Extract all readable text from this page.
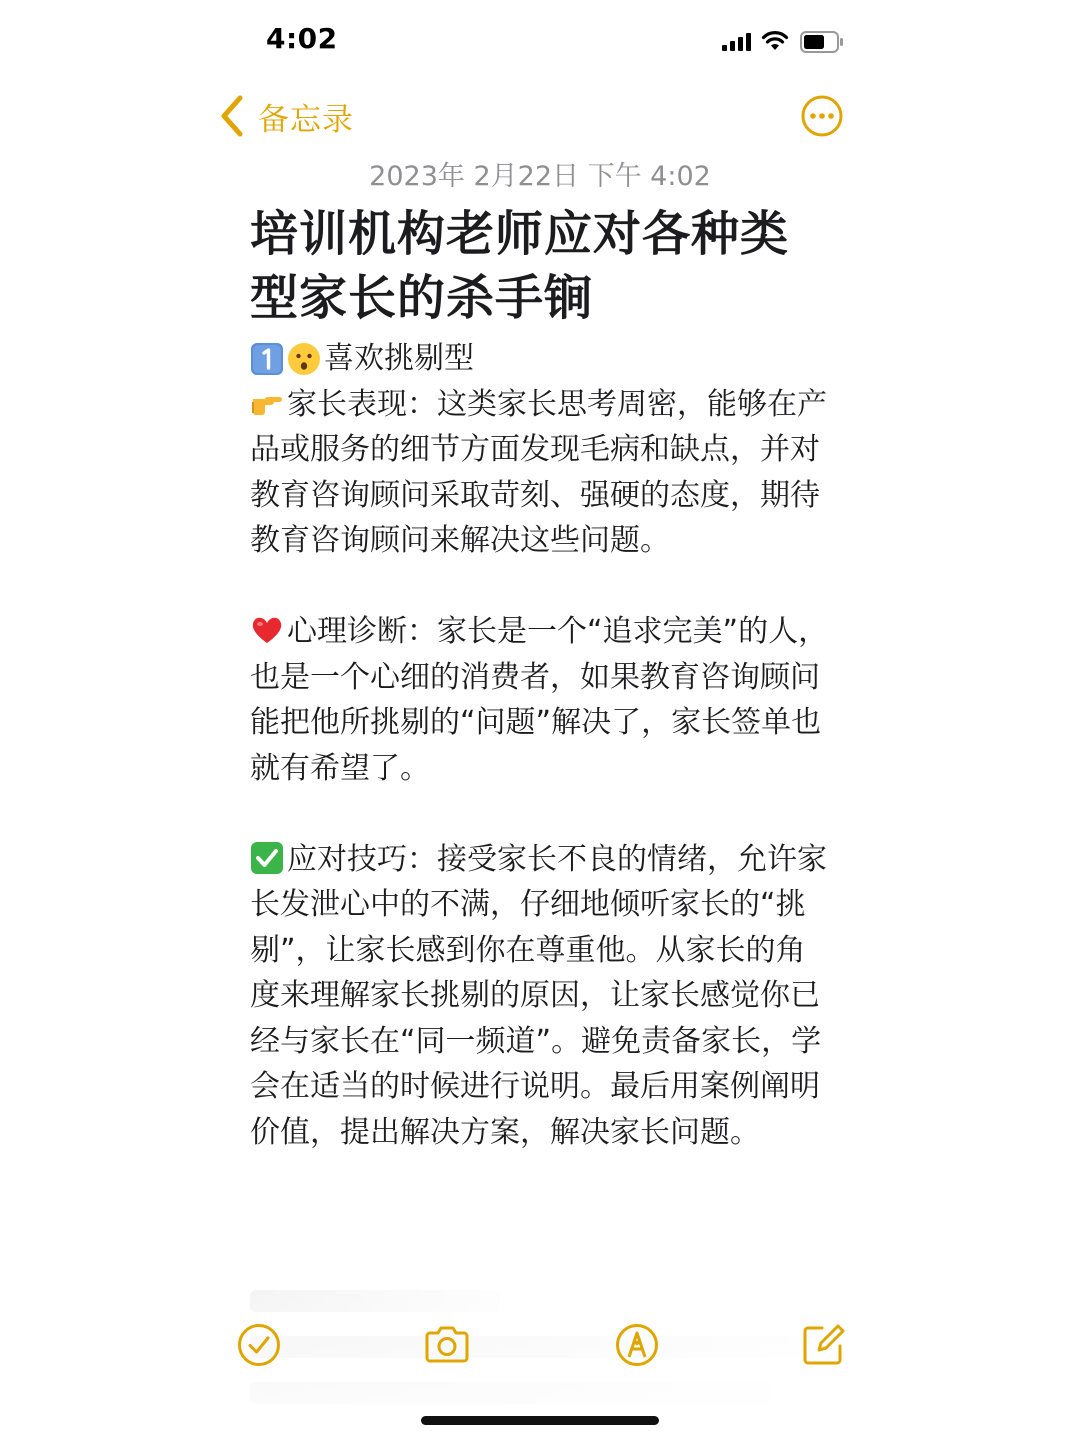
4:02
备忘录
2023年 2月22日 下午 4:02
培训机构老师应对各种类型家长的杀手锏
喜欢挑剔型

家长表现：这类家长思考周密，能够在产品或服务的细节方面发现毛病和缺点，并对教育咨询顾问采取苛刻、强硬的态度，期待教育咨询顾问来解决这些问题。

心理诊断：家长是一个“追求完美”的人，也是一个心细的消费者，如果教育咨询顾问能把他所挑剔的“问题”解决了，家长签单也就有希望了。

应对技巧：接受家长不良的情绪，允许家长发泄心中的不满，仔细地倾听家长的“挑剔”，让家长感到你在尊重他。从家长的角度来理解家长挑剔的原因，让家长感觉你已经与家长在“同一频道”。避免责备家长，学会在适当的时候进行说明。最后用案例阐明价值，提出解决方案，解决家长问题。
